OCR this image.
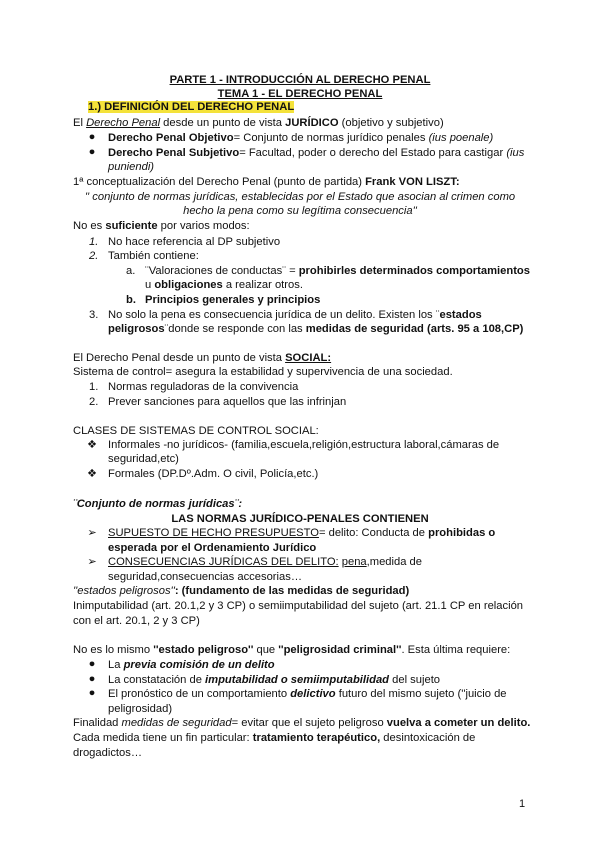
PARTE 1 - INTRODUCCIÓN AL DERECHO PENAL
TEMA 1 - EL DERECHO PENAL
1.) DEFINICIÓN DEL DERECHO PENAL
El Derecho Penal desde un punto de vista JURÍDICO (objetivo y subjetivo)
● Derecho Penal Objetivo= Conjunto de normas jurídico penales (ius poenale)
● Derecho Penal Subjetivo= Facultad, poder o derecho del Estado para castigar (ius
puniendi)
1ª conceptualización del Derecho Penal (punto de partida) Frank VON LISZT:
'' conjunto de normas jurídicas, establecidas por el Estado que asocian al crimen como
hecho la pena como su legítima consecuencia''
No es suficiente por varios modos:
1. No hace referencia al DP subjetivo
2. También contiene:
a. ¨Valoraciones de conductas¨ = prohibirles determinados comportamientos
u obligaciones a realizar otros.
b. Principios generales y principios
3. No solo la pena es consecuencia jurídica de un delito. Existen los ¨estados
peligrosos¨donde se responde con las medidas de seguridad (arts. 95 a 108,CP)
El Derecho Penal desde un punto de vista SOCIAL:
Sistema de control= asegura la estabilidad y supervivencia de una sociedad.
1. Normas reguladoras de la convivencia
2. Prever sanciones para aquellos que las infrinjan
CLASES DE SISTEMAS DE CONTROL SOCIAL:
❖ Informales -no jurídicos- (familia,escuela,religión,estructura laboral,cámaras de
seguridad,etc)
❖ Formales (DP.Dº.Adm. O civil, Policía,etc.)
¨Conjunto de normas jurídicas¨:
LAS NORMAS JURÍDICO-PENALES CONTIENEN
➢ SUPUESTO DE HECHO PRESUPUESTO= delito: Conducta de prohibidas o
esperada por el Ordenamiento Jurídico
➢ CONSECUENCIAS JURÍDICAS DEL DELITO: pena,medida de
seguridad,consecuencias accesorias…
''estados peligrosos'': (fundamento de las medidas de seguridad)
Inimputabilidad (art. 20.1,2 y 3 CP) o semiimputabilidad del sujeto (art. 21.1 CP en relación
con el art. 20.1, 2 y 3 CP)
No es lo mismo ''estado peligroso'' que ''peligrosidad criminal''. Esta última requiere:
● La previa comisión de un delito
● La constatación de imputabilidad o semiimputabilidad del sujeto
● El pronóstico de un comportamiento delictivo futuro del mismo sujeto (''juicio de
peligrosidad)
Finalidad medidas de seguridad= evitar que el sujeto peligroso vuelva a cometer un delito.
Cada medida tiene un fin particular: tratamiento terapéutico, desintoxicación de
drogadictos…
1
